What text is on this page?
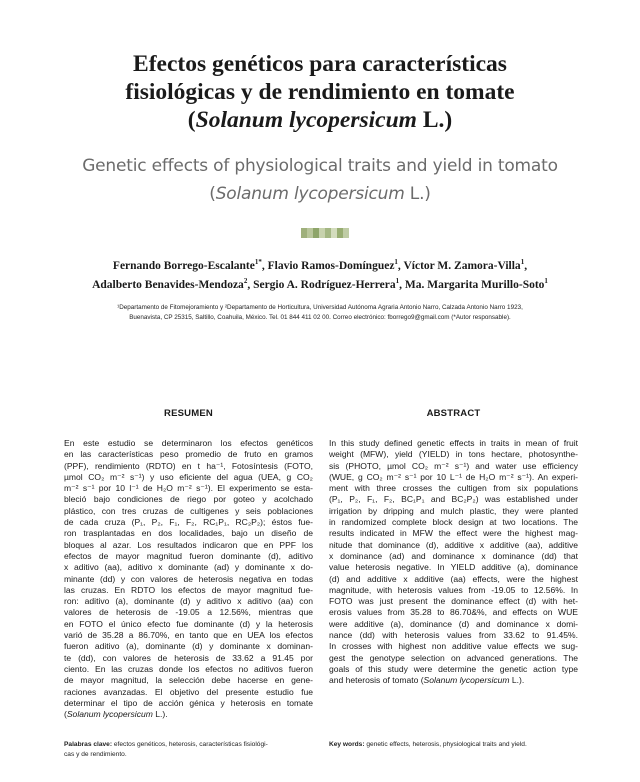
Efectos genéticos para características
fisiológicas y de rendimiento en tomate
(Solanum lycopersicum L.)
Genetic effects of physiological traits and yield in tomato
(Solanum lycopersicum L.)
Fernando Borrego-Escalante$^{1*}$, Flavio Ramos-Domínguez$^1$, Víctor M. Zamora-Villa$^1$,
Adalberto Benavides-Mendoza$^2$, Sergio A. Rodríguez-Herrera$^1$, Ma. Margarita Murillo-Soto$^1$
¹Departamento de Fitomejoramiento y ²Departamento de Horticultura, Universidad Autónoma Agraria Antonio Narro, Calzada Antonio Narro 1923,
Buenavista, CP 25315, Saltillo, Coahuila, México. Tel. 01 844 411 02 00. Correo electrónico: fborrego9@gmail.com (*Autor responsable).
RESUMEN
En este estudio se determinaron los efectos genéticos
en las características peso promedio de fruto en gramos
(PPF), rendimiento (RDTO) en t ha⁻¹, Fotosíntesis (FOTO,
µmol CO₂ m⁻² s⁻¹) y uso eficiente del agua (UEA, g CO₂
m⁻² s⁻¹ por 10 l⁻¹ de H₂O m⁻² s⁻¹). El experimento se esta-
bleció bajo condiciones de riego por goteo y acolchado
plástico, con tres cruzas de cultigenes y seis poblaciones
de cada cruza (P₁, P₂, F₁, F₂, RC₁P₁, RC₂P₂); éstos fue-
ron trasplantadas en dos localidades, bajo un diseño de
bloques al azar. Los resultados indicaron que en PPF los
efectos de mayor magnitud fueron dominante (d), aditivo
x aditivo (aa), aditivo x dominante (ad) y dominante x do-
minante (dd) y con valores de heterosis negativa en todas
las cruzas. En RDTO los efectos de mayor magnitud fue-
ron: aditivo (a), dominante (d) y aditivo x aditivo (aa) con
valores de heterosis de -19.05 a 12.56%, mientras que
en FOTO el único efecto fue dominante (d) y la heterosis
varió de 35.28 a 86.70%, en tanto que en UEA los efectos
fueron aditivo (a), dominante (d) y dominante x dominan-
te (dd), con valores de heterosis de 33.62 a 91.45 por
ciento. En las cruzas donde los efectos no aditivos fueron
de mayor magnitud, la selección debe hacerse en gene-
raciones avanzadas. El objetivo del presente estudio fue
determinar el tipo de acción génica y heterosis en tomate
(Solanum lycopersicum L.).
ABSTRACT
In this study defined genetic effects in traits in mean of fruit
weight (MFW), yield (YIELD) in tons hectare, photosynthe-
sis (PHOTO, µmol CO₂ m⁻² s⁻¹) and water use efficiency
(WUE, g CO₂ m⁻² s⁻¹ por 10 L⁻¹ de H₂O m⁻² s⁻¹). An experi-
ment with three crosses the cultigen from six populations
(P₁, P₂, F₁, F₂, BC₁P₁ and BC₂P₂) was established under
irrigation by dripping and mulch plastic, they were planted
in randomized complete block design at two locations. The
results indicated in MFW the effect were the highest mag-
nitude that dominance (d), additive x additive (aa), additive
x dominance (ad) and dominance x dominance (dd) that
value heterosis negative. In YIELD additive (a), dominance
(d) and additive x additive (aa) effects, were the highest
magnitude, with heterosis values from -19.05 to 12.56%. In
FOTO was just present the dominance effect (d) with het-
erosis values from 35.28 to 86.70&%, and effects on WUE
were additive (a), dominance (d) and dominance x domi-
nance (dd) with heterosis values from 33.62 to 91.45%.
In crosses with highest non additive value effects we sug-
gest the genotype selection on advanced generations. The
goals of this study were determine the genetic action type
and heterosis of tomato (Solanum lycopersicum L.).
Palabras clave: efectos genéticos, heterosis, características fisiológi-
cas y de rendimiento.
Key words: genetic effects, heterosis, physiological traits and yield.
